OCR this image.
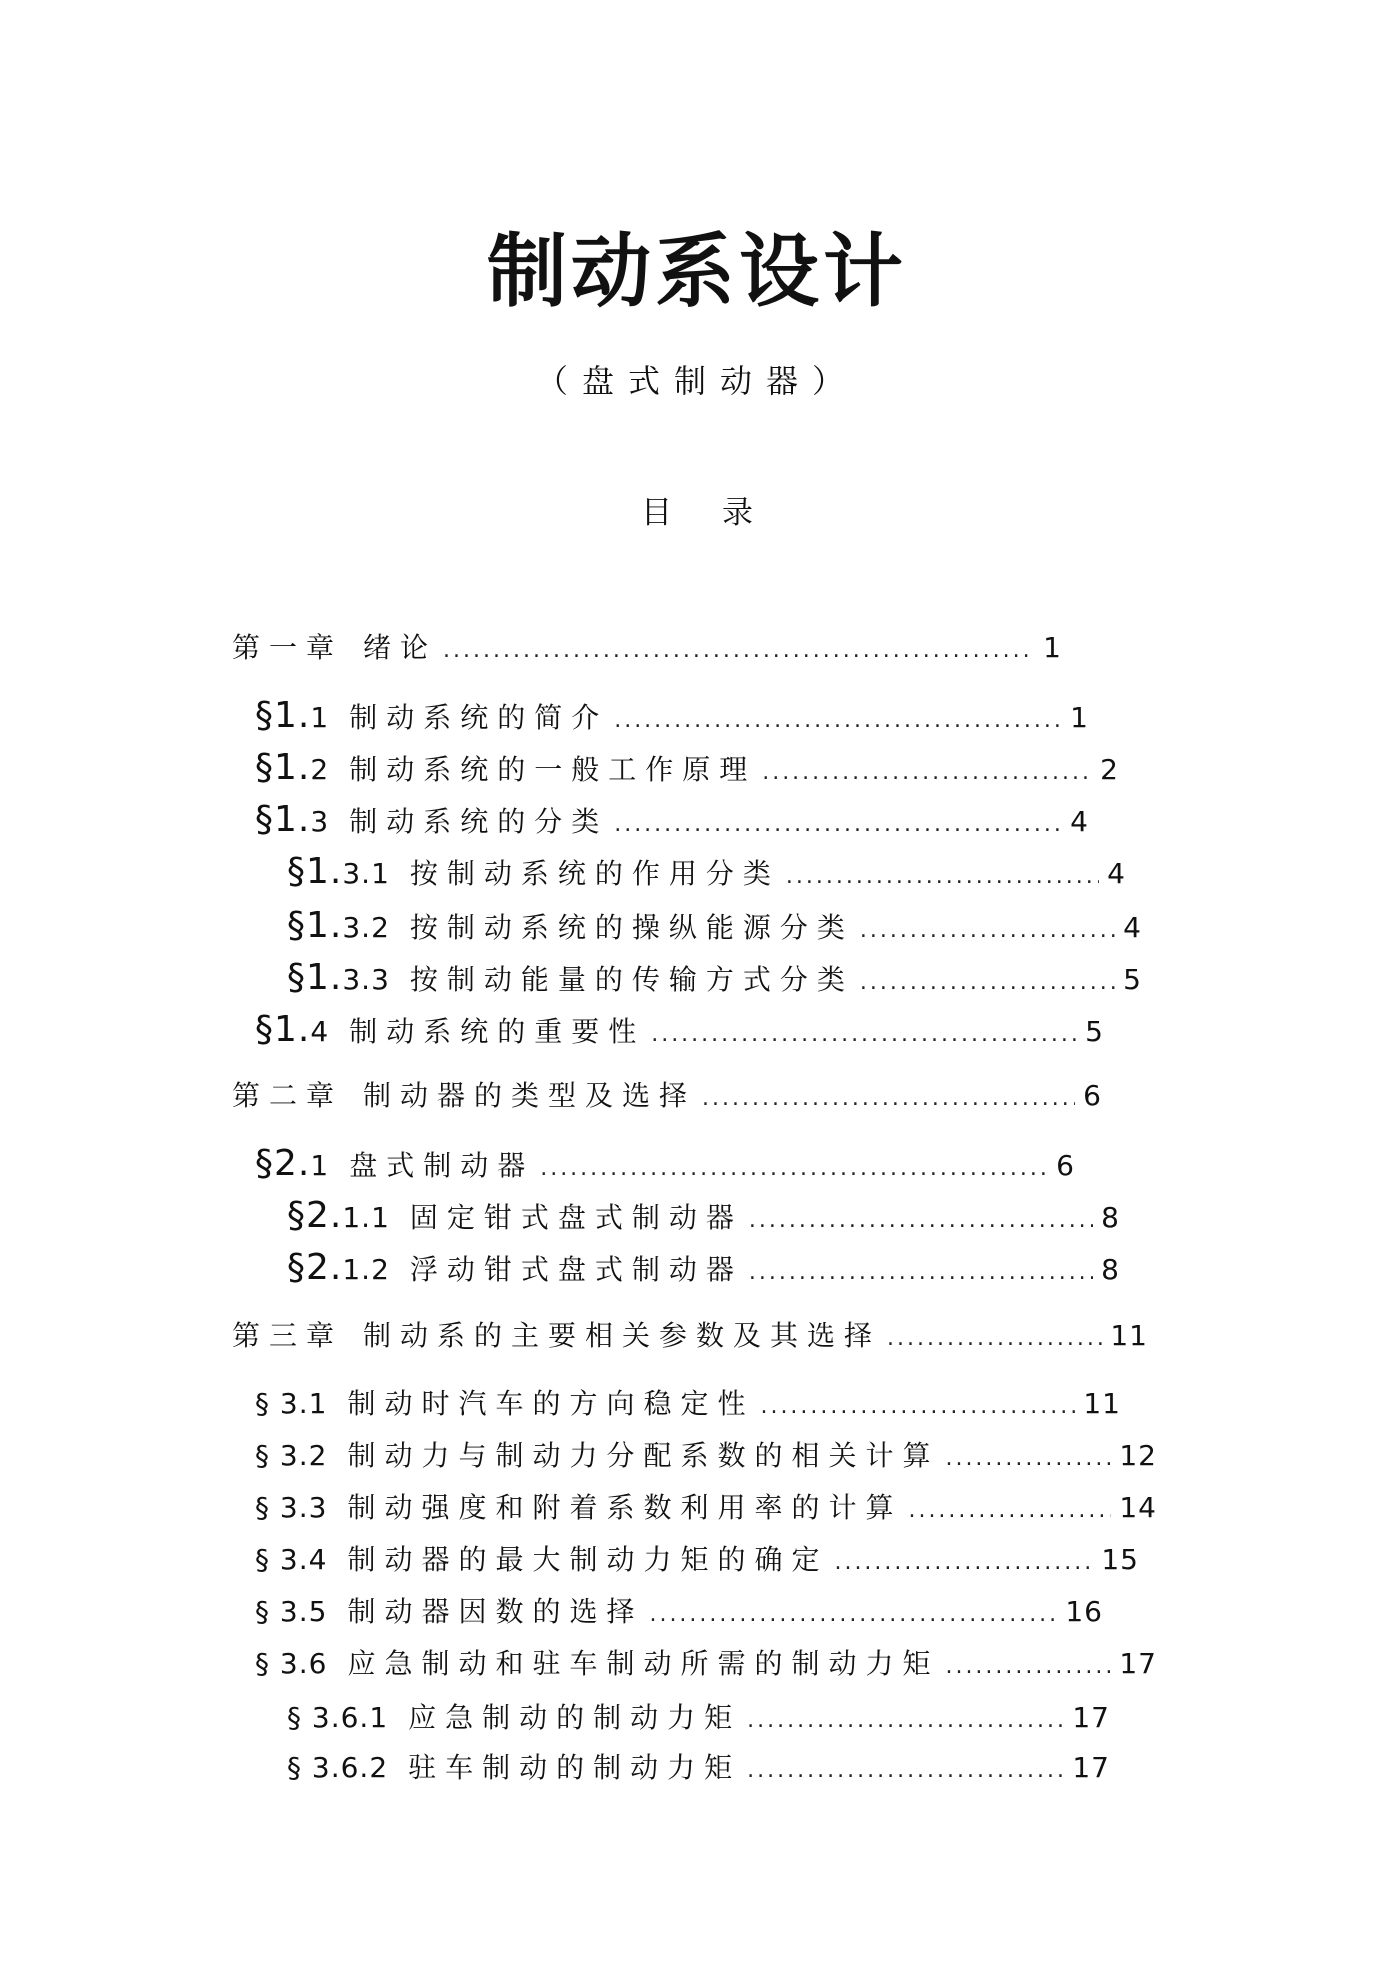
制动系设计
（盘式制动器）
目录
第一章 绪论 .....	1
§1.1 制动系统的简介 .....	1
§1.2 制动系统的一般工作原理 .....	2
§1.3 制动系统的分类 .....	4
§1.3.1 按制动系统的作用分类 .....	4
§1.3.2 按制动系统的操纵能源分类 .....	4
§1.3.3 按制动能量的传输方式分类 .....	5
§1.4 制动系统的重要性 .....	5
第二章 制动器的类型及选择 .....	6
§2.1 盘式制动器 .....	6
§2.1.1 固定钳式盘式制动器 .....	8
§2.1.2 浮动钳式盘式制动器 .....	8
第三章 制动系的主要相关参数及其选择 .....	11
§ 3.1 制动时汽车的方向稳定性 .....	11
§ 3.2 制动力与制动力分配系数的相关计算 .....	12
§ 3.3 制动强度和附着系数利用率的计算 .....	14
§ 3.4 制动器的最大制动力矩的确定 .....	15
§ 3.5 制动器因数的选择 .....	16
§ 3.6 应急制动和驻车制动所需的制动力矩 .....	17
§ 3.6.1 应急制动的制动力矩 .....	17
§ 3.6.2 驻车制动的制动力矩 .....	17
